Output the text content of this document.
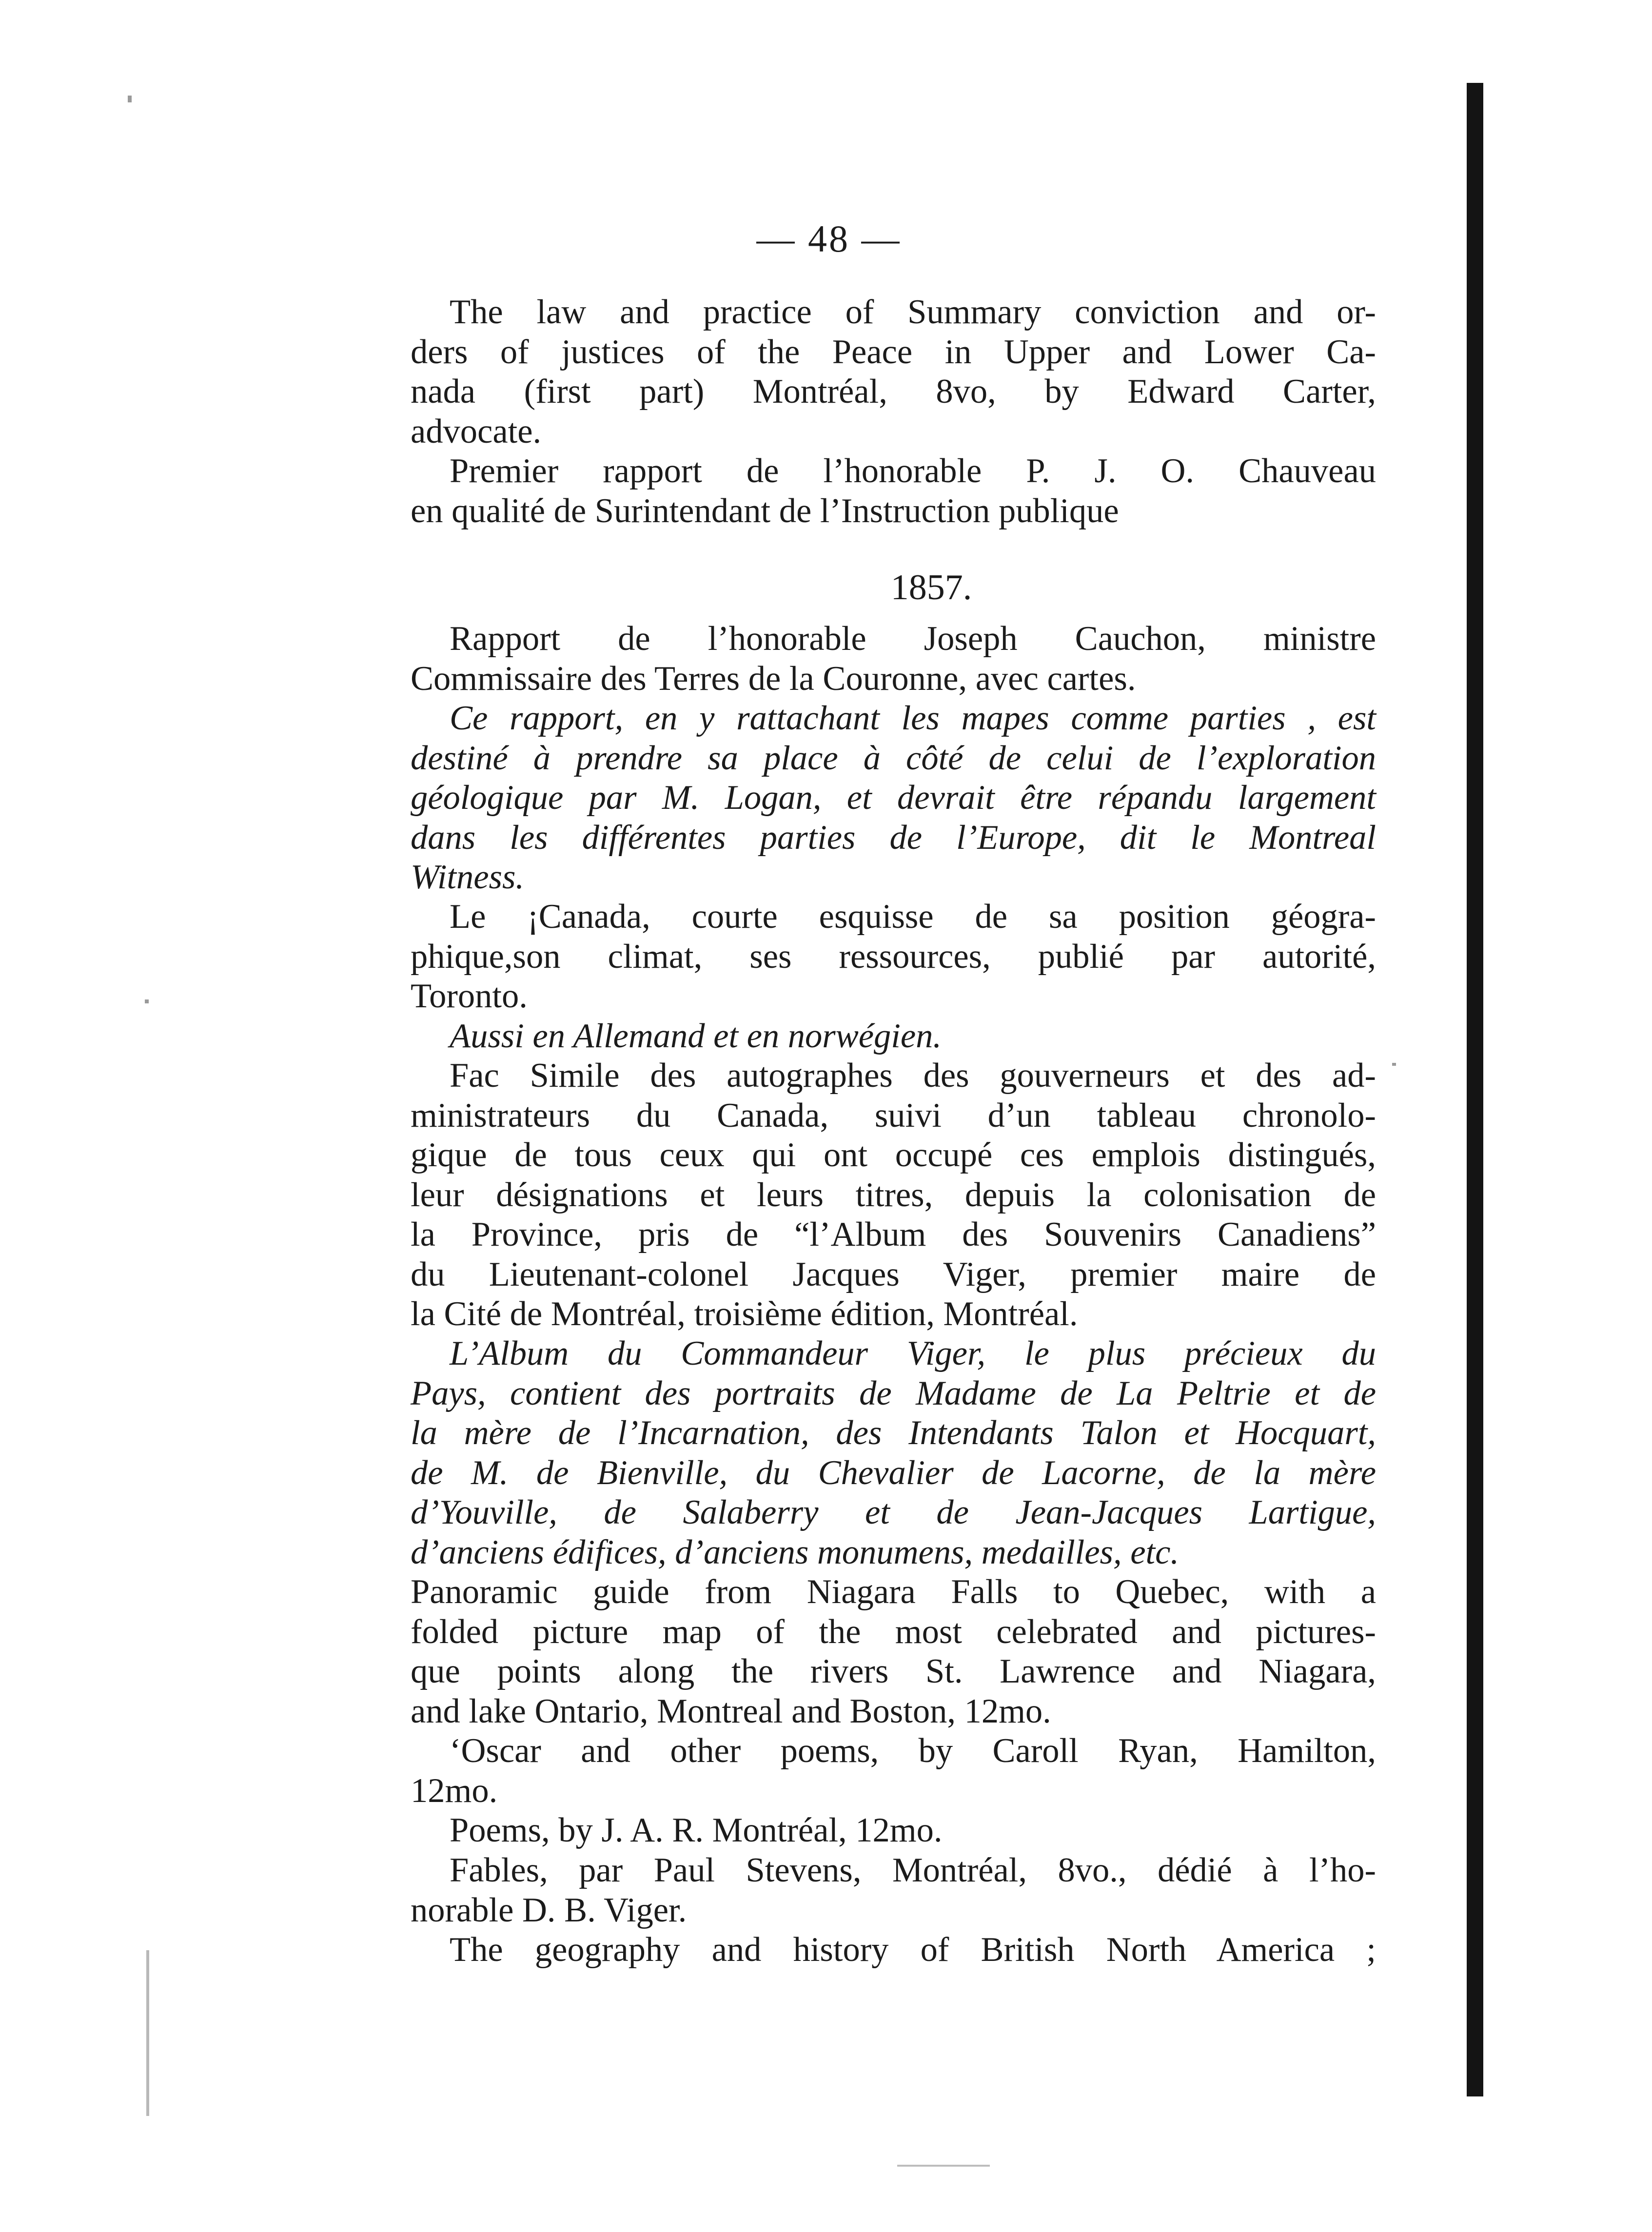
— 48 —
The law and practice of Summary conviction and or-
ders of justices of the Peace in Upper and Lower Ca-
nada (first part) Montréal, 8vo, by Edward Carter,
advocate.
Premier rapport de l’honorable P. J. O. Chauveau
en qualité de Surintendant de l’Instruction publique
1857.
Rapport de l’honorable Joseph Cauchon, ministre
Commissaire des Terres de la Couronne, avec cartes.
Ce rapport, en y rattachant les mapes comme parties , est
destiné à prendre sa place à côté de celui de l’exploration
géologique par M. Logan, et devrait être répandu largement
dans les différentes parties de l’Europe, dit le Montreal
Witness.
Le ¡Canada, courte esquisse de sa position géogra-
phique,son climat, ses ressources, publié par autorité,
Toronto.
Aussi en Allemand et en norwégien.
Fac Simile des autographes des gouverneurs et des ad-
ministrateurs du Canada, suivi d’un tableau chronolo-
gique de tous ceux qui ont occupé ces emplois distingués,
leur désignations et leurs titres, depuis la colonisation de
la Province, pris de “l’Album des Souvenirs Canadiens”
du Lieutenant-colonel Jacques Viger, premier maire de
la Cité de Montréal, troisième édition, Montréal.
L’Album du Commandeur Viger, le plus précieux du
Pays, contient des portraits de Madame de La Peltrie et de
la mère de l’Incarnation, des Intendants Talon et Hocquart,
de M. de Bienville, du Chevalier de Lacorne, de la mère
d’Youville, de Salaberry et de Jean-Jacques Lartigue,
d’anciens édifices, d’anciens monumens, medailles, etc.
Panoramic guide from Niagara Falls to Quebec, with a
folded picture map of the most celebrated and pictures-
que points along the rivers St. Lawrence and Niagara,
and lake Ontario, Montreal and Boston, 12mo.
‘Oscar and other poems, by Caroll Ryan, Hamilton,
12mo.
Poems, by J. A. R. Montréal, 12mo.
Fables, par Paul Stevens, Montréal, 8vo., dédié à l’ho-
norable D. B. Viger.
The geography and history of British North America ;
